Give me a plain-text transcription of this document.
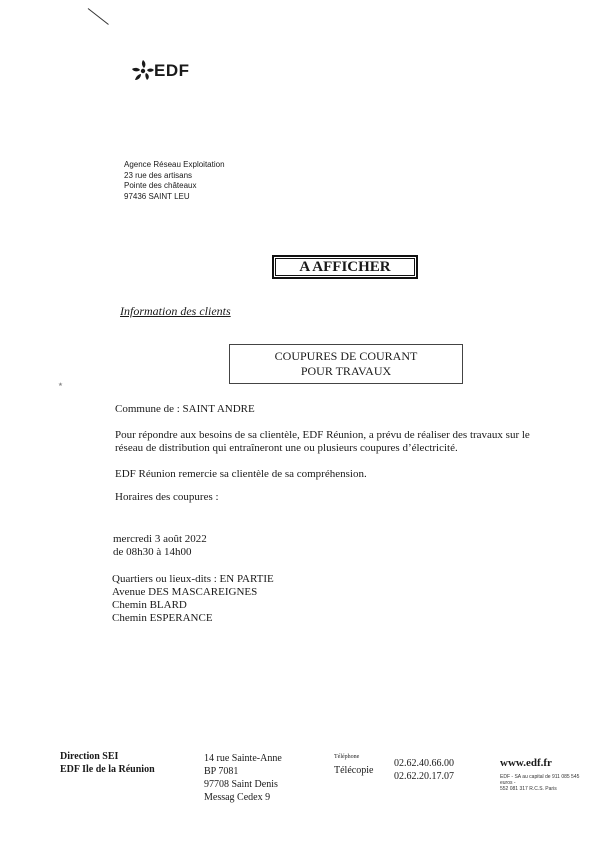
EDF
Agence Réseau Exploitation
23 rue des artisans
Pointe des châteaux
97436 SAINT LEU
A AFFICHER
Information des clients
COUPURES DE COURANT
POUR TRAVAUX
٭
Commune de : SAINT ANDRE
Pour répondre aux besoins de sa clientèle, EDF Réunion, a prévu de réaliser des travaux sur le
réseau de distribution qui entraîneront une ou plusieurs coupures d’électricité.
EDF Réunion remercie sa clientèle de sa compréhension.
Horaires des coupures :
mercredi 3 août 2022
de 08h30 à 14h00
Quartiers ou lieux-dits : EN PARTIE
Avenue DES MASCAREIGNES
Chemin BLARD
Chemin ESPERANCE
Direction SEI
EDF Ile de la Réunion
14 rue Sainte-Anne
BP 7081
97708 Saint Denis
Messag Cedex 9
Téléphone
Télécopie
02.62.40.66.00
02.62.20.17.07
www.edf.fr
EDF - SA au capital de 911 085 545 euros -
552 081 317 R.C.S. Paris
